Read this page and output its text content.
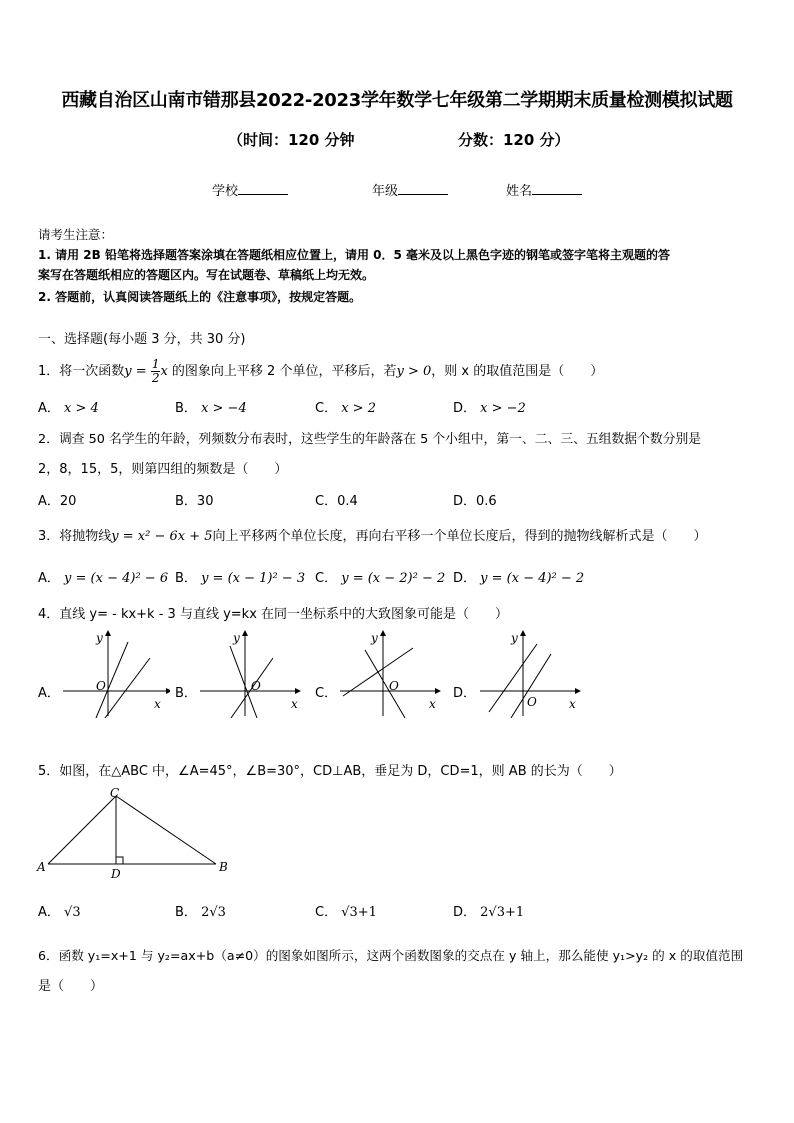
西藏自治区山南市错那县2022-2023学年数学七年级第二学期期末质量检测模拟试题
（时间：120 分钟	分数：120 分）
学校	年级	姓名
请考生注意：
1. 请用 2B 铅笔将选择题答案涂填在答题纸相应位置上，请用 0．5 毫米及以上黑色字迹的钢笔或签字笔将主观题的答
案写在答题纸相应的答题区内。写在试题卷、草稿纸上均无效。
2. 答题前，认真阅读答题纸上的《注意事项》，按规定答题。
一、选择题(每小题 3 分，共 30 分)
1．将一次函数$y = \frac{1}{2}$ x 的图象向上平移 2 个单位，平移后，若y > 0，则 x 的取值范围是（　　）
A． x > 4	B． x > −4	C． x > 2	D． x > −2
2．调查 50 名学生的年龄，列频数分布表时，这些学生的年龄落在 5 个小组中，第一、二、三、五组数据个数分别是
2，8，15，5，则第四组的频数是（　　）
A．20	B．30	C．0.4	D．0.6
3．将抛物线y = x² − 6x + 5向上平移两个单位长度，再向右平移一个单位长度后，得到的抛物线解析式是（　　）
A． y = (x − 4)² − 6 B． y = (x − 1)² − 3 C． y = (x − 2)² − 2 D． y = (x − 4)² − 2
4．直线 y= - kx+k - 3 与直线 y=kx 在同一坐标系中的大致图象可能是（　　）
A．	B．	C．	D．
y
O
x
y
O
x
y
O
x
y
O	x
5．如图，在△ABC 中，∠A=45°，∠B=30°，CD⊥AB，垂足为 D，CD=1，则 AB 的长为（　　）
C
A	D	B
A． √3	B． 2√3	C． √3+1	D． 2√3+1
6．函数 y₁=x+1 与 y₂=ax+b（a≠0）的图象如图所示，这两个函数图象的交点在 y 轴上，那么能使 y₁>y₂ 的 x 的取值范围
是（　　）
